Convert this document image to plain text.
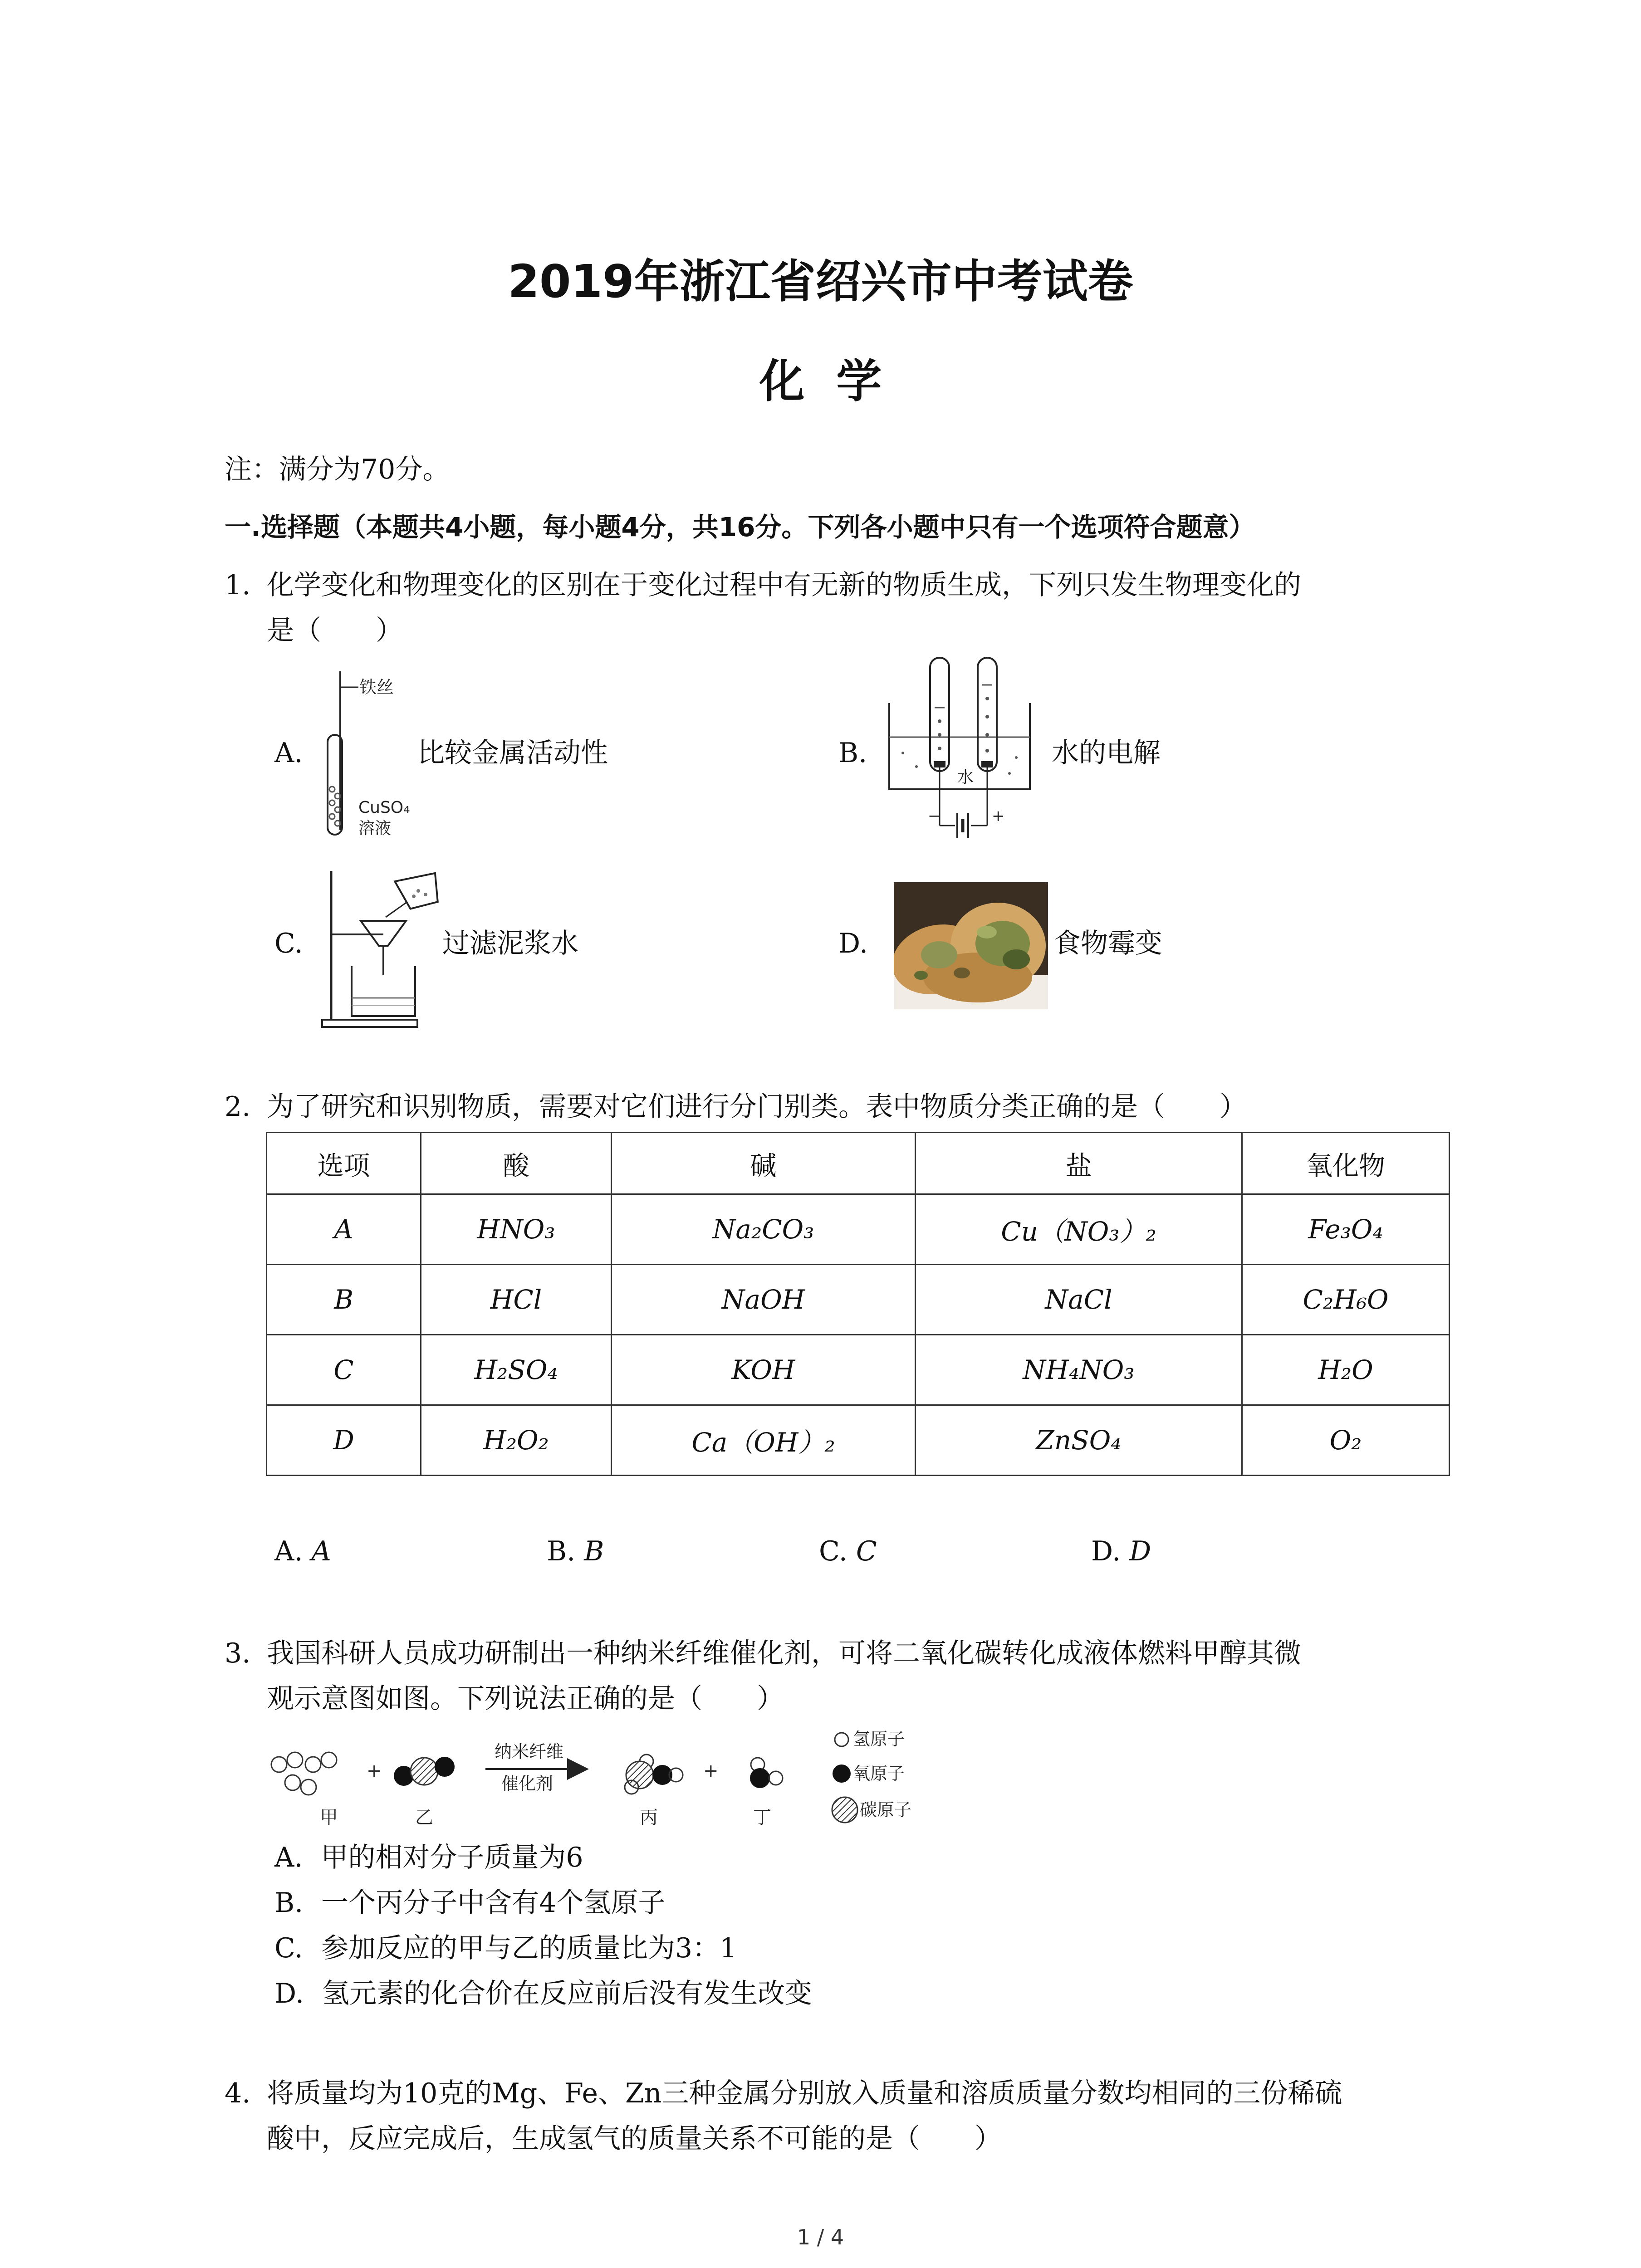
2019年浙江省绍兴市中考试卷
化  学
注：满分为70分。
一.选择题（本题共4小题，每小题4分，共16分。下列各小题中只有一个选项符合题意）
1. 化学变化和物理变化的区别在于变化过程中有无新的物质生成，下列只发生物理变化的
是（　　）
A.
铁丝
CuSO₄
溶液
比较金属活动性	B.
水
−	+
水的电解
C.	过滤泥浆水	D.	食物霉变
2. 为了研究和识别物质，需要对它们进行分门别类。表中物质分类正确的是（　　）
选项	酸	碱	盐	氧化物
A	HNO₃	Na₂CO₃	Cu（NO₃）₂	Fe₃O₄
B	HCl	NaOH	NaCl	C₂H₆O
C	H₂SO₄	KOH	NH₄NO₃	H₂O
D	H₂O₂	Ca（OH）₂	ZnSO₄	O₂
A. A	B. B	C. C	D. D
3. 我国科研人员成功研制出一种纳米纤维催化剂，可将二氧化碳转化成液体燃料甲醇其微
观示意图如图。下列说法正确的是（　　）
+
纳米纤维
催化剂
+
甲	乙	丙	丁
氢原子
氧原子
碳原子
A. 甲的相对分子质量为6
B. 一个丙分子中含有4个氢原子
C. 参加反应的甲与乙的质量比为3：1
D. 氢元素的化合价在反应前后没有发生改变
4. 将质量均为10克的Mg、Fe、Zn三种金属分别放入质量和溶质质量分数均相同的三份稀硫
酸中，反应完成后，生成氢气的质量关系不可能的是（　　）
1 / 4
